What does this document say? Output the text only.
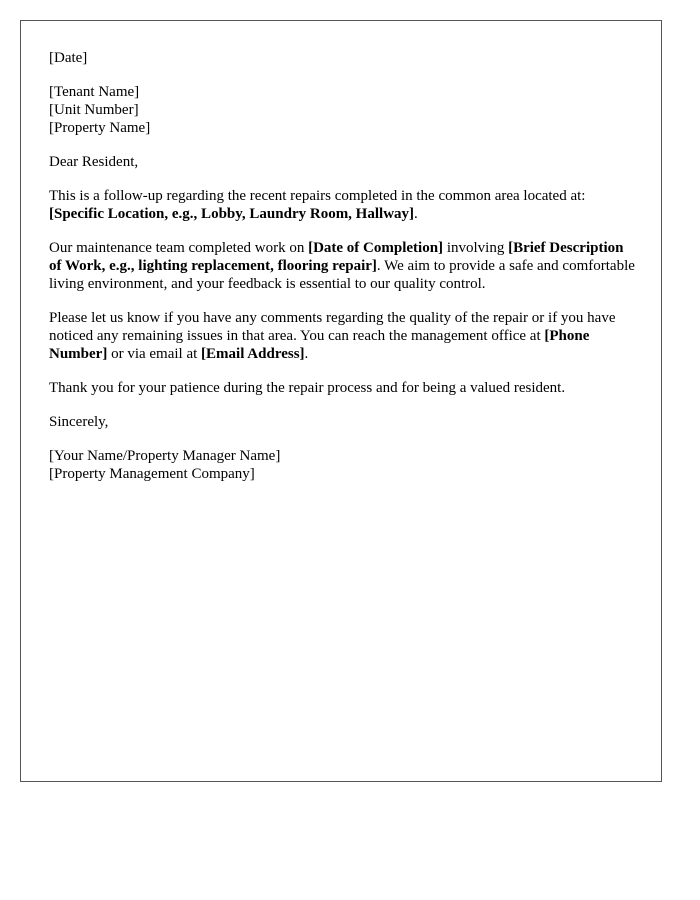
[Date]

[Tenant Name]
[Unit Number]
[Property Name]

Dear Resident,

This is a follow-up regarding the recent repairs completed in the common area located at:
[Specific Location, e.g., Lobby, Laundry Room, Hallway].

Our maintenance team completed work on [Date of Completion] involving [Brief Description of Work, e.g., lighting replacement, flooring repair]. We aim to provide a safe and comfortable living environment, and your feedback is essential to our quality control.

Please let us know if you have any comments regarding the quality of the repair or if you have noticed any remaining issues in that area. You can reach the management office at [Phone Number] or via email at [Email Address].

Thank you for your patience during the repair process and for being a valued resident.

Sincerely,

[Your Name/Property Manager Name]
[Property Management Company]
